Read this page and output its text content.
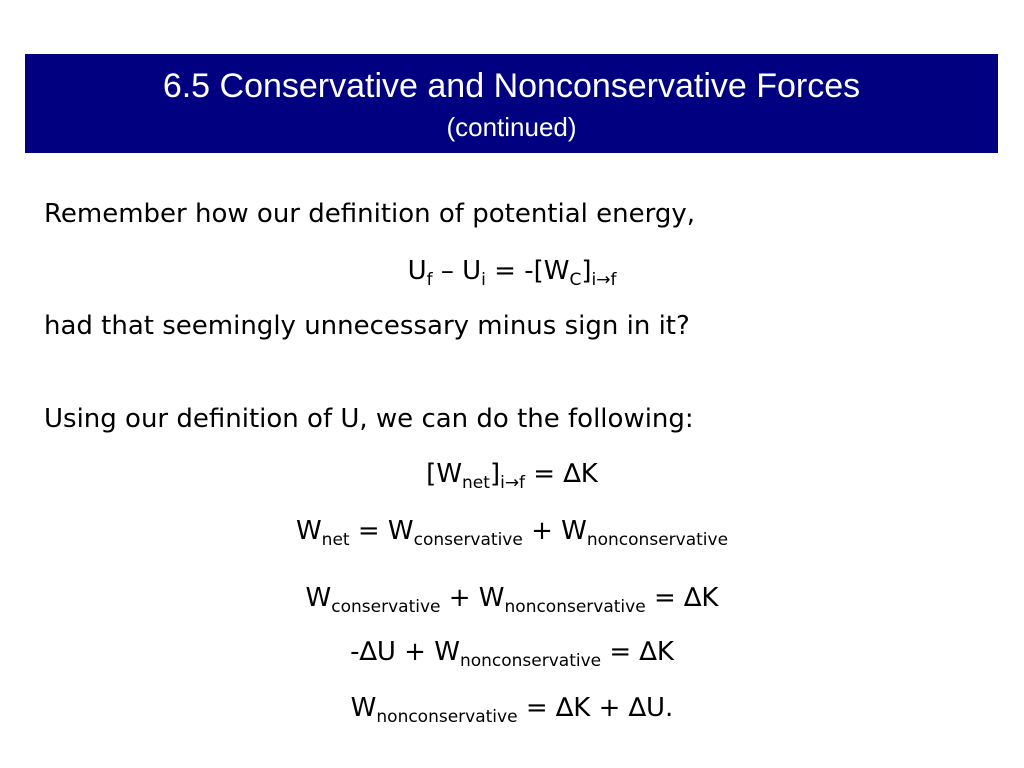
6.5 Conservative and Nonconservative Forces
(continued)
Remember how our definition of potential energy,
$U_f - U_i = -[W_C]_{i\to f}$
had that seemingly unnecessary minus sign in it?
Using our definition of U, we can do the following:
$[W_{net}]_{i\to f} = \Delta K$
$W_{net} = W_{conservative} + W_{nonconservative}$
$W_{conservative} + W_{nonconservative} = \Delta K$
$-\Delta U + W_{nonconservative} = \Delta K$
$W_{nonconservative} = \Delta K + \Delta U$.
